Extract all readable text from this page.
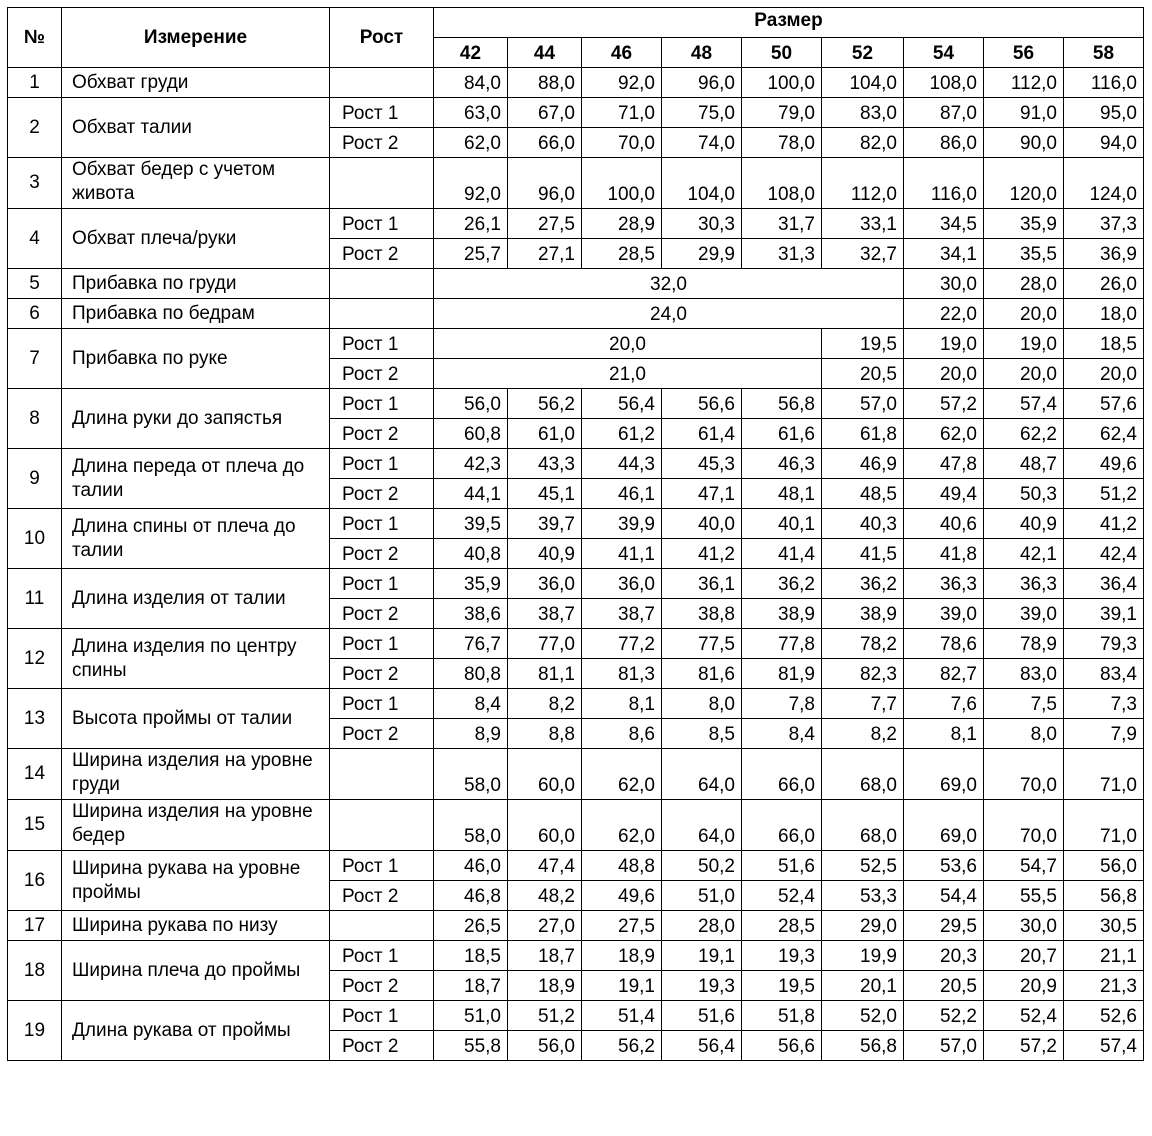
№	Измерение	Рост	Размер								
			42	44	46	48	50	52	54	56	58
1	Обхват груди		84,0	88,0	92,0	96,0	100,0	104,0	108,0	112,0	116,0
2	Обхват талии	Рост 1	63,0	67,0	71,0	75,0	79,0	83,0	87,0	91,0	95,0
		Рост 2	62,0	66,0	70,0	74,0	78,0	82,0	86,0	90,0	94,0
3	Обхват бедер с учетом живота		92,0	96,0	100,0	104,0	108,0	112,0	116,0	120,0	124,0
4	Обхват плеча/руки	Рост 1	26,1	27,5	28,9	30,3	31,7	33,1	34,5	35,9	37,3
		Рост 2	25,7	27,1	28,5	29,9	31,3	32,7	34,1	35,5	36,9
5	Прибавка по груди		32,0						30,0	28,0	26,0
6	Прибавка по бедрам		24,0						22,0	20,0	18,0
7	Прибавка по руке	Рост 1	20,0					19,5	19,0	19,0	18,5
		Рост 2	21,0					20,5	20,0	20,0	20,0
8	Длина руки до запястья	Рост 1	56,0	56,2	56,4	56,6	56,8	57,0	57,2	57,4	57,6
		Рост 2	60,8	61,0	61,2	61,4	61,6	61,8	62,0	62,2	62,4
9	Длина переда от плеча до талии	Рост 1	42,3	43,3	44,3	45,3	46,3	46,9	47,8	48,7	49,6
		Рост 2	44,1	45,1	46,1	47,1	48,1	48,5	49,4	50,3	51,2
10	Длина спины от плеча до талии	Рост 1	39,5	39,7	39,9	40,0	40,1	40,3	40,6	40,9	41,2
		Рост 2	40,8	40,9	41,1	41,2	41,4	41,5	41,8	42,1	42,4
11	Длина изделия от талии	Рост 1	35,9	36,0	36,0	36,1	36,2	36,2	36,3	36,3	36,4
		Рост 2	38,6	38,7	38,7	38,8	38,9	38,9	39,0	39,0	39,1
12	Длина изделия по центру спины	Рост 1	76,7	77,0	77,2	77,5	77,8	78,2	78,6	78,9	79,3
		Рост 2	80,8	81,1	81,3	81,6	81,9	82,3	82,7	83,0	83,4
13	Высота проймы от талии	Рост 1	8,4	8,2	8,1	8,0	7,8	7,7	7,6	7,5	7,3
		Рост 2	8,9	8,8	8,6	8,5	8,4	8,2	8,1	8,0	7,9
14	Ширина изделия на уровне груди		58,0	60,0	62,0	64,0	66,0	68,0	69,0	70,0	71,0
15	Ширина изделия на уровне бедер		58,0	60,0	62,0	64,0	66,0	68,0	69,0	70,0	71,0
16	Ширина рукава на уровне проймы	Рост 1	46,0	47,4	48,8	50,2	51,6	52,5	53,6	54,7	56,0
		Рост 2	46,8	48,2	49,6	51,0	52,4	53,3	54,4	55,5	56,8
17	Ширина рукава по низу		26,5	27,0	27,5	28,0	28,5	29,0	29,5	30,0	30,5
18	Ширина плеча до проймы	Рост 1	18,5	18,7	18,9	19,1	19,3	19,9	20,3	20,7	21,1
		Рост 2	18,7	18,9	19,1	19,3	19,5	20,1	20,5	20,9	21,3
19	Длина рукава от проймы	Рост 1	51,0	51,2	51,4	51,6	51,8	52,0	52,2	52,4	52,6
		Рост 2	55,8	56,0	56,2	56,4	56,6	56,8	57,0	57,2	57,4
